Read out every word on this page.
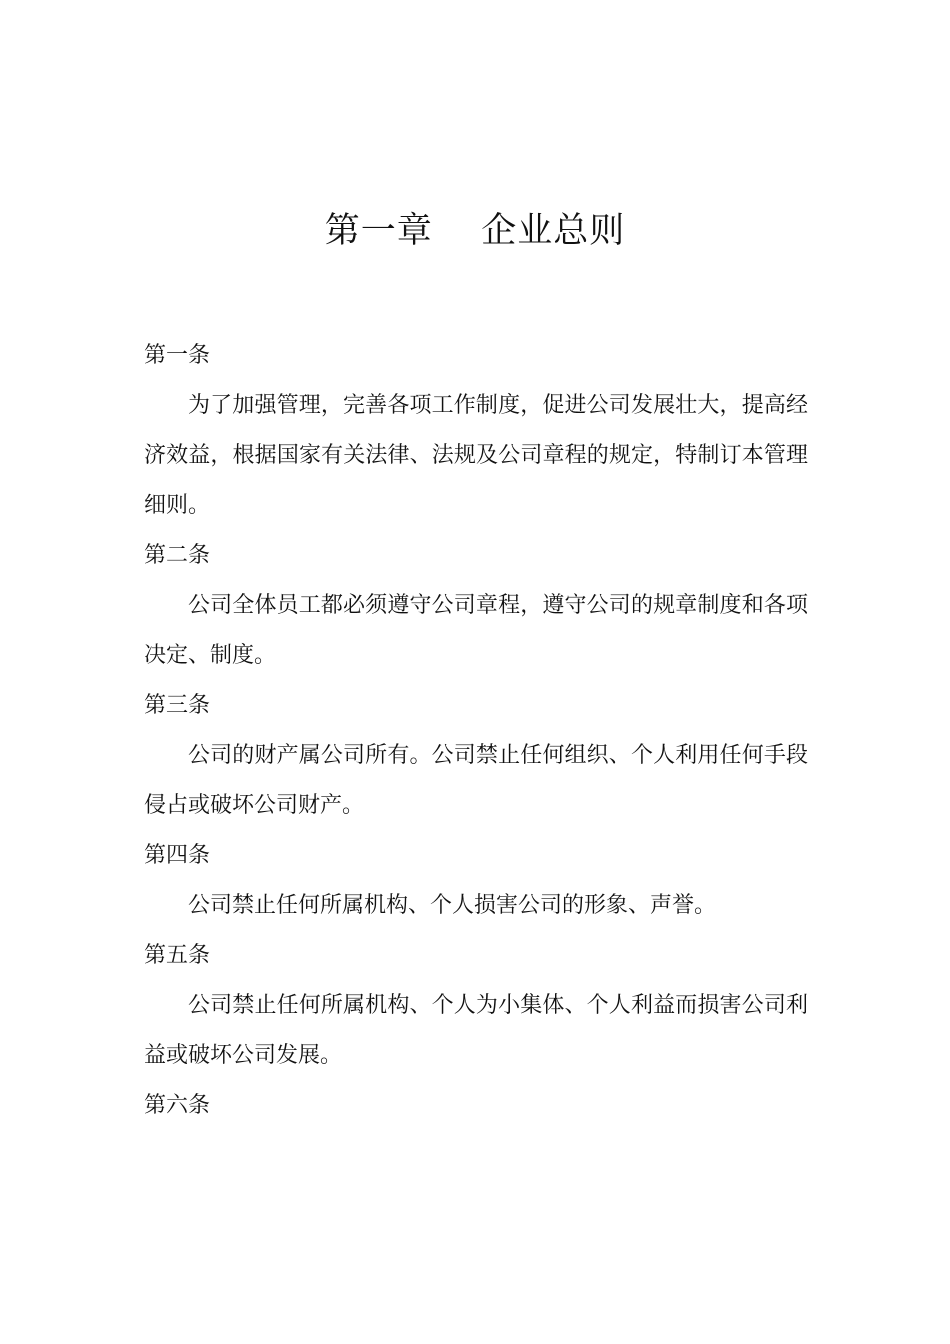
第一章    企业总则
第一条
为了加强管理，完善各项工作制度，促进公司发展壮大，提高经济效益，根据国家有关法律、法规及公司章程的规定，特制订本管理细则。
第二条
公司全体员工都必须遵守公司章程，遵守公司的规章制度和各项决定、制度。
第三条
公司的财产属公司所有。公司禁止任何组织、个人利用任何手段侵占或破坏公司财产。
第四条
公司禁止任何所属机构、个人损害公司的形象、声誉。
第五条
公司禁止任何所属机构、个人为小集体、个人利益而损害公司利益或破坏公司发展。
第六条
